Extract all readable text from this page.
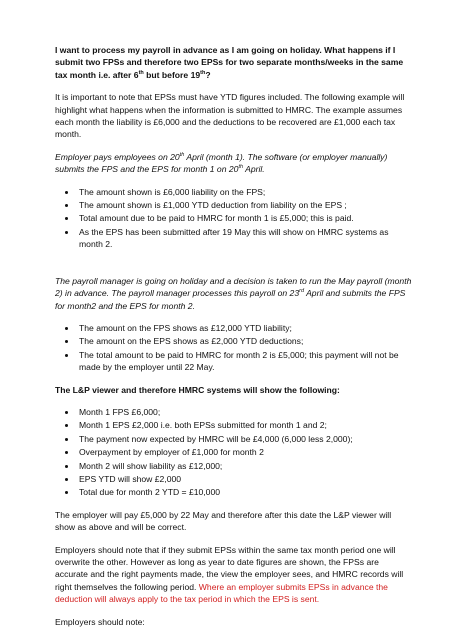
I want to process my payroll in advance as I am going on holiday. What happens if I submit two FPSs and therefore two EPSs for two separate months/weeks in the same tax month i.e. after 6th but before 19th?

It is important to note that EPSs must have YTD figures included. The following example will highlight what happens when the information is submitted to HMRC. The example assumes each month the liability is £6,000 and the deductions to be recovered are £1,000 each tax month.

Employer pays employees on 20th April (month 1). The software (or employer manually) submits the FPS and the EPS for month 1 on 20th April.

• The amount shown is £6,000 liability on the FPS;
• The amount shown is £1,000 YTD deduction from liability on the EPS ;
• Total amount due to be paid to HMRC for month 1 is £5,000; this is paid.
• As the EPS has been submitted after 19 May this will show on HMRC systems as month 2.

The payroll manager is going on holiday and a decision is taken to run the May payroll (month 2) in advance. The payroll manager processes this payroll on 23rd April and submits the FPS for month2 and the EPS for month 2.

• The amount on the FPS shows as £12,000 YTD liability;
• The amount on the EPS shows as £2,000 YTD deductions;
• The total amount to be paid to HMRC for month 2 is £5,000; this payment will not be made by the employer until 22 May.

The L&P viewer and therefore HMRC systems will show the following:

• Month 1 FPS £6,000;
• Month 1 EPS £2,000 i.e. both EPSs submitted for month 1 and 2;
• The payment now expected by HMRC will be £4,000 (6,000 less 2,000);
• Overpayment by employer of £1,000 for month 2
• Month 2 will show liability as £12,000;
• EPS YTD will show £2,000
• Total due for month 2 YTD = £10,000

The employer will pay £5,000 by 22 May and therefore after this date the L&P viewer will show as above and will be correct.

Employers should note that if they submit EPSs within the same tax month period one will overwrite the other. However as long as year to date figures are shown, the FPSs are accurate and the right payments made, the view the employer sees, and HMRC records will right themselves the following period. Where an employer submits EPSs in advance the deduction will always apply to the tax period in which the EPS is sent.

Employers should note:
